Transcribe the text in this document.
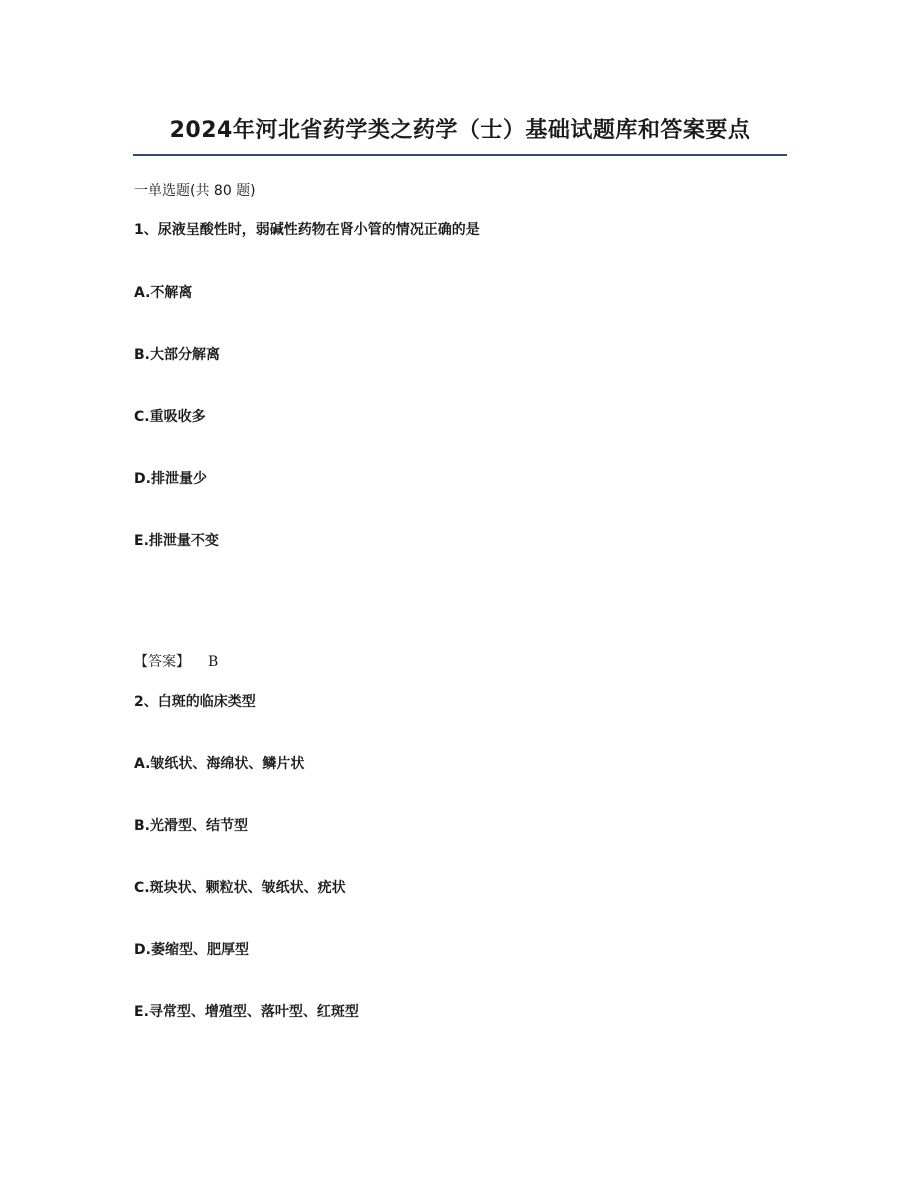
2024年河北省药学类之药学（士）基础试题库和答案要点
一单选题(共 80 题)
1、尿液呈酸性时，弱碱性药物在肾小管的情况正确的是
A.不解离
B.大部分解离
C.重吸收多
D.排泄量少
E.排泄量不变
【答案】 B
2、白斑的临床类型
A.皱纸状、海绵状、鳞片状
B.光滑型、结节型
C.斑块状、颗粒状、皱纸状、疣状
D.萎缩型、肥厚型
E.寻常型、增殖型、落叶型、红斑型
